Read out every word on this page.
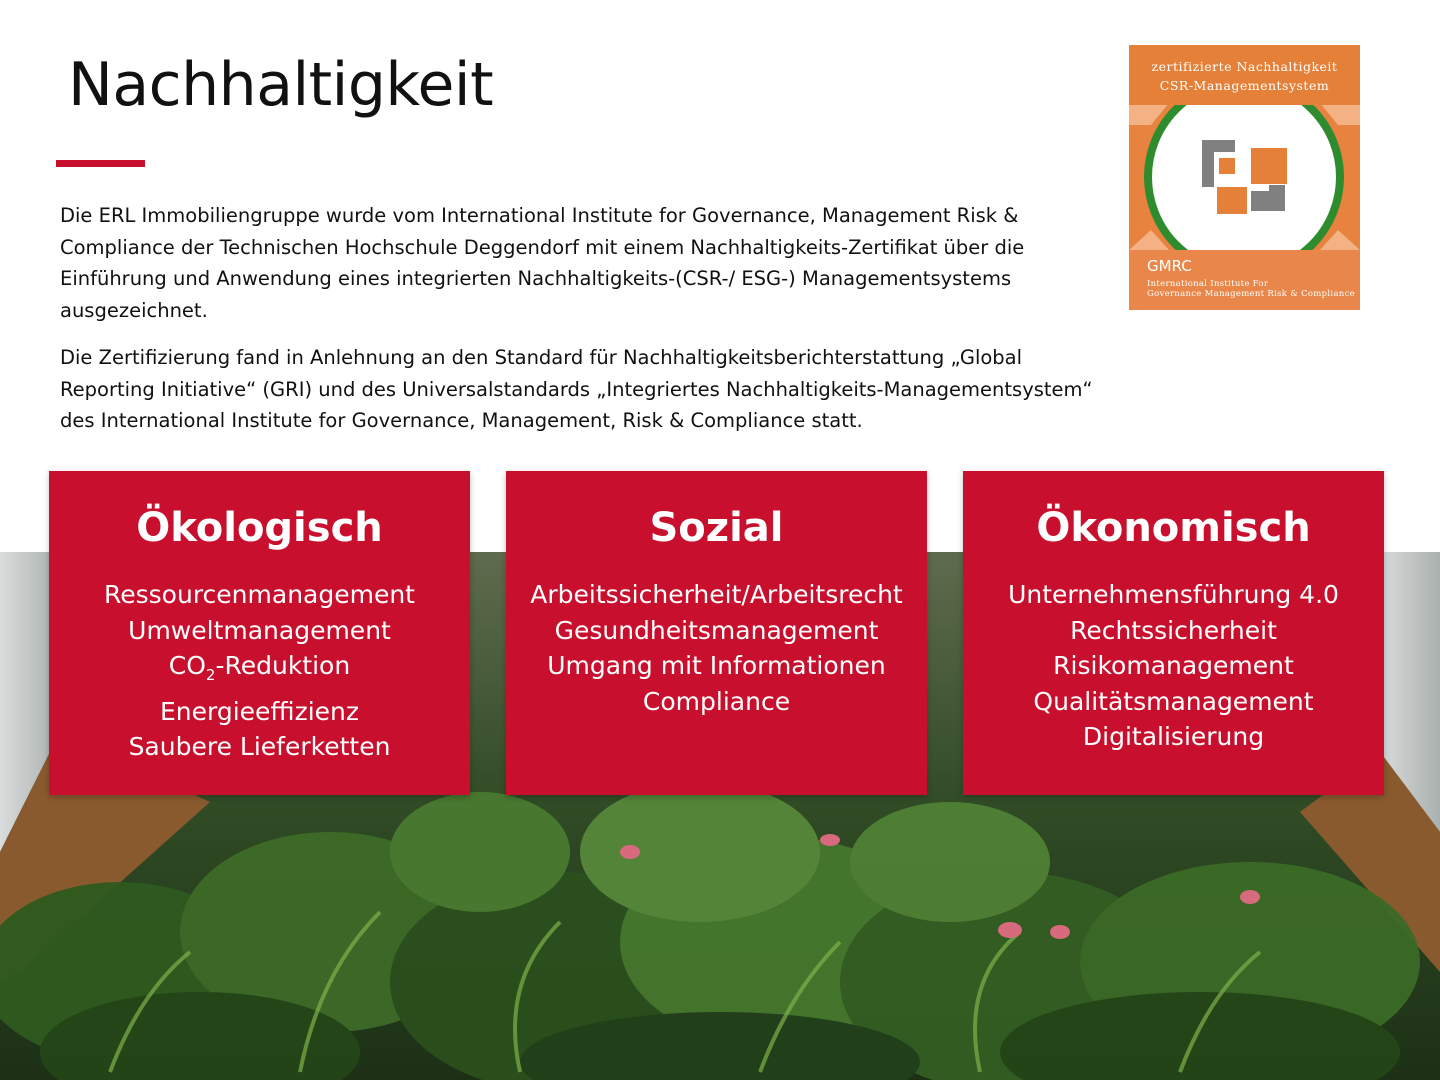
Nachhaltigkeit

Die ERL Immobiliengruppe wurde vom International Institute for Governance, Management Risk & Compliance der Technischen Hochschule Deggendorf mit einem Nachhaltigkeits-Zertifikat über die Einführung und Anwendung eines integrierten Nachhaltigkeits-(CSR-/ ESG-) Managementsystems ausgezeichnet.

Die Zertifizierung fand in Anlehnung an den Standard für Nachhaltigkeitsberichterstattung „Global Reporting Initiative“ (GRI) und des Universalstandards „Integriertes Nachhaltigkeits-Managementsystem“ des International Institute for Governance, Management, Risk & Compliance statt.

zertifizierte Nachhaltigkeit
CSR-Managementsystem
GMRC
International Institute For
Governance Management Risk & Compliance
Ökologisch
Ressourcenmanagement
Umweltmanagement
$CO_2$-Reduktion
Energieeffizienz
Saubere Lieferketten
Sozial
Arbeitssicherheit/Arbeitsrecht
Gesundheitsmanagement
Umgang mit Informationen
Compliance
Ökonomisch
Unternehmensführung 4.0
Rechtssicherheit
Risikomanagement
Qualitätsmanagement
Digitalisierung
